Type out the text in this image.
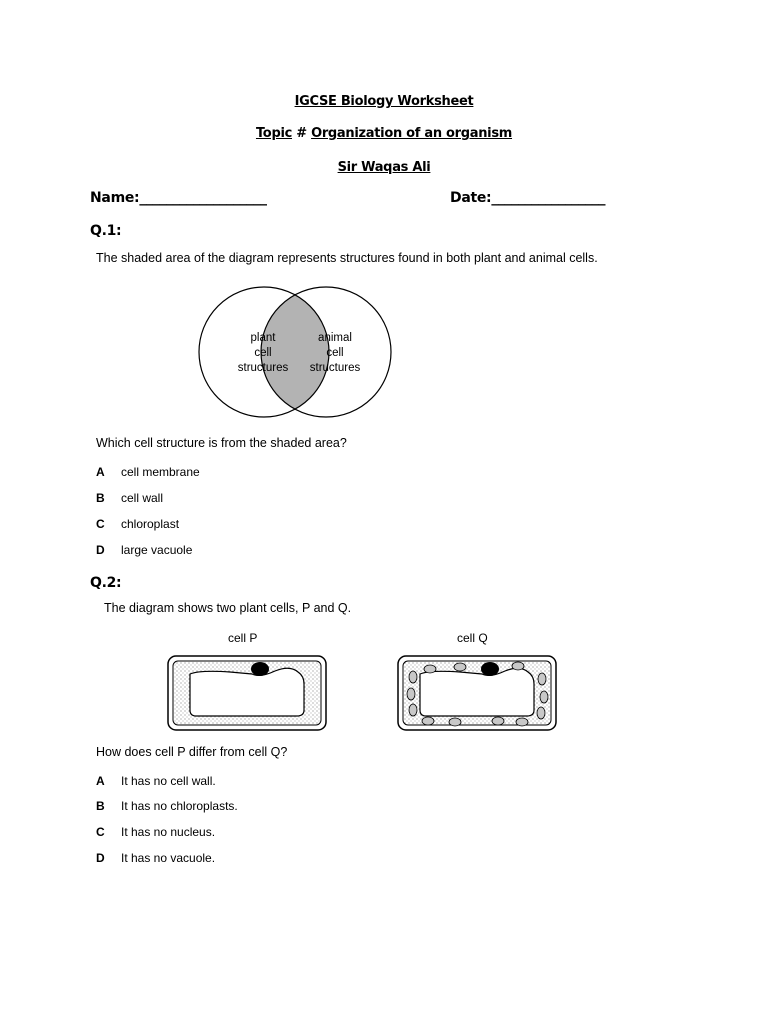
IGCSE Biology Worksheet
Topic # Organization of an organism
Sir Waqas Ali
Name:___________________	Date:_________________
Q.1:
The shaded area of the diagram represents structures found in both plant and animal cells.
plant
cell
structures
animal
cell
structures
Which cell structure is from the shaded area?
A cell membrane
B cell wall
C chloroplast
D large vacuole
Q.2:
The diagram shows two plant cells, P and Q.
cell P	cell Q
How does cell P differ from cell Q?
A It has no cell wall.
B It has no chloroplasts.
C It has no nucleus.
D It has no vacuole.
